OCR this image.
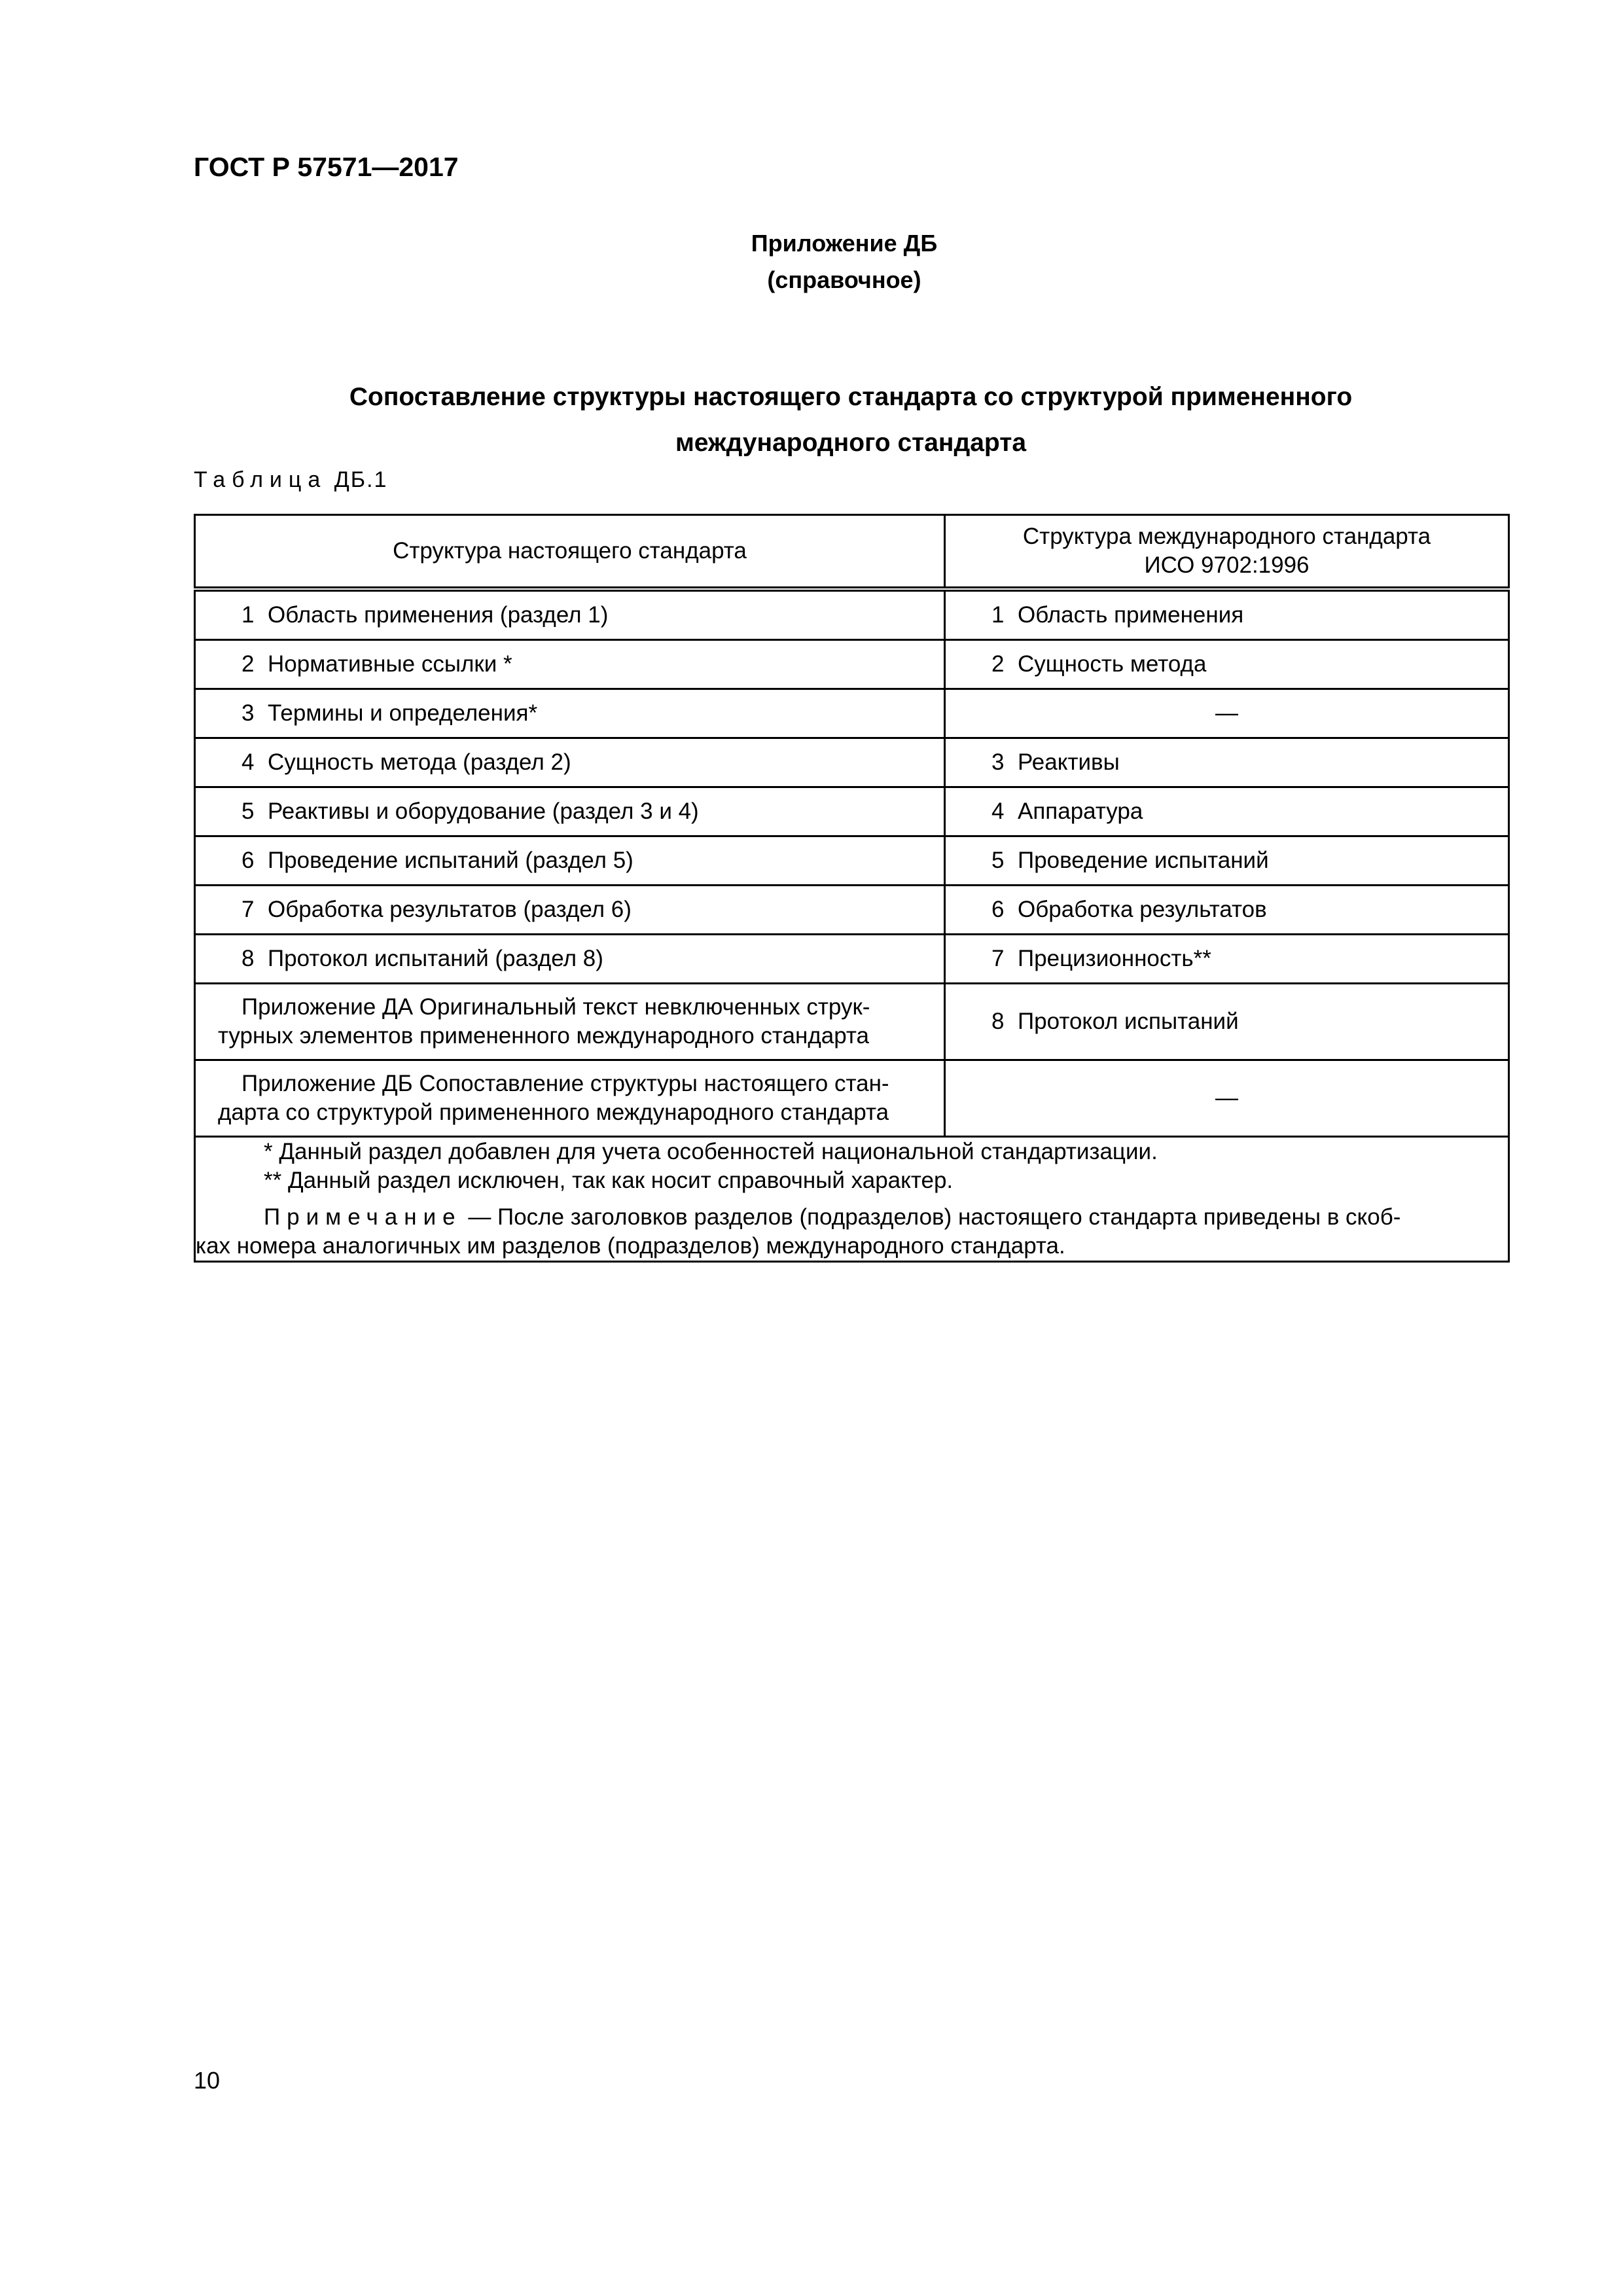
ГОСТ Р 57571—2017
Приложение ДБ
(справочное)
Сопоставление структуры настоящего стандарта со структурой примененного
международного стандарта
Таблица ДБ.1
Структура настоящего стандарта	Структура международного стандарта
ИСО 9702:1996

1 Область применения (раздел 1)	1 Область применения
2 Нормативные ссылки *	2 Сущность метода
3 Термины и определения*	—
4 Сущность метода (раздел 2)	3 Реактивы
5 Реактивы и оборудование (раздел 3 и 4)	4 Аппаратура
6 Проведение испытаний (раздел 5)	5 Проведение испытаний
7 Обработка результатов (раздел 6)	6 Обработка результатов
8 Протокол испытаний (раздел 8)	7 Прецизионность**

Приложение ДА Оригинальный текст невключенных струк-
турных элементов примененного международного стандарта	8 Протокол испытаний

Приложение ДБ Сопоставление структуры настоящего стан-
дарта со структурой примененного международного стандарта	—

* Данный раздел добавлен для учета особенностей национальной стандартизации.

** Данный раздел исключен, так как носит справочный характер.

Примечание — После заголовков разделов (подразделов) настоящего стандарта приведены в скоб-

ках номера аналогичных им разделов (подразделов) международного стандарта.	

10
